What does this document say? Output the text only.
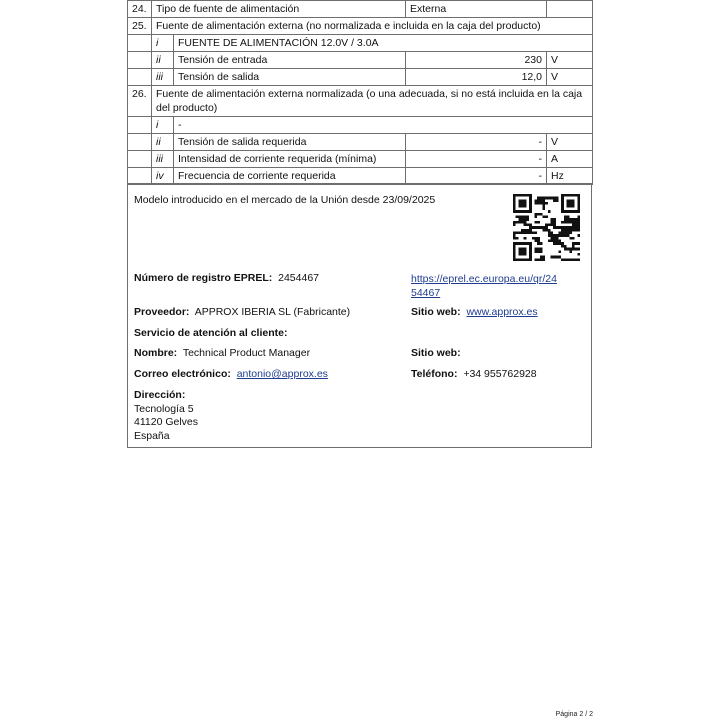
24.	Tipo de fuente de alimentación		Externa	
25.	Fuente de alimentación externa (no normalizada e incluida en la caja del producto)			
	i	FUENTE DE ALIMENTACIÓN 12.0V / 3.0A		
	ii	Tensión de entrada	230	V
	iii	Tensión de salida	12,0	V
26.	Fuente de alimentación externa normalizada (o una adecuada, si no está incluida en la caja del producto)			
	i	-		
	ii	Tensión de salida requerida	-	V
	iii	Intensidad de corriente requerida (mínima)	-	A
	iv	Frecuencia de corriente requerida	-	Hz
Modelo introducido en el mercado de la Unión desde 23/09/2025
Número de registro EPREL: 2454467	https://eprel.ec.europa.eu/qr/24
54467
Proveedor: APPROX IBERIA SL (Fabricante)	Sitio web: www.approx.es
Servicio de atención al cliente:
Nombre: Technical Product Manager	Sitio web:
Correo electrónico: antonio@approx.es	Teléfono: +34 955762928
Dirección:
Tecnología 5
41120 Gelves
España
Página 2 / 2
